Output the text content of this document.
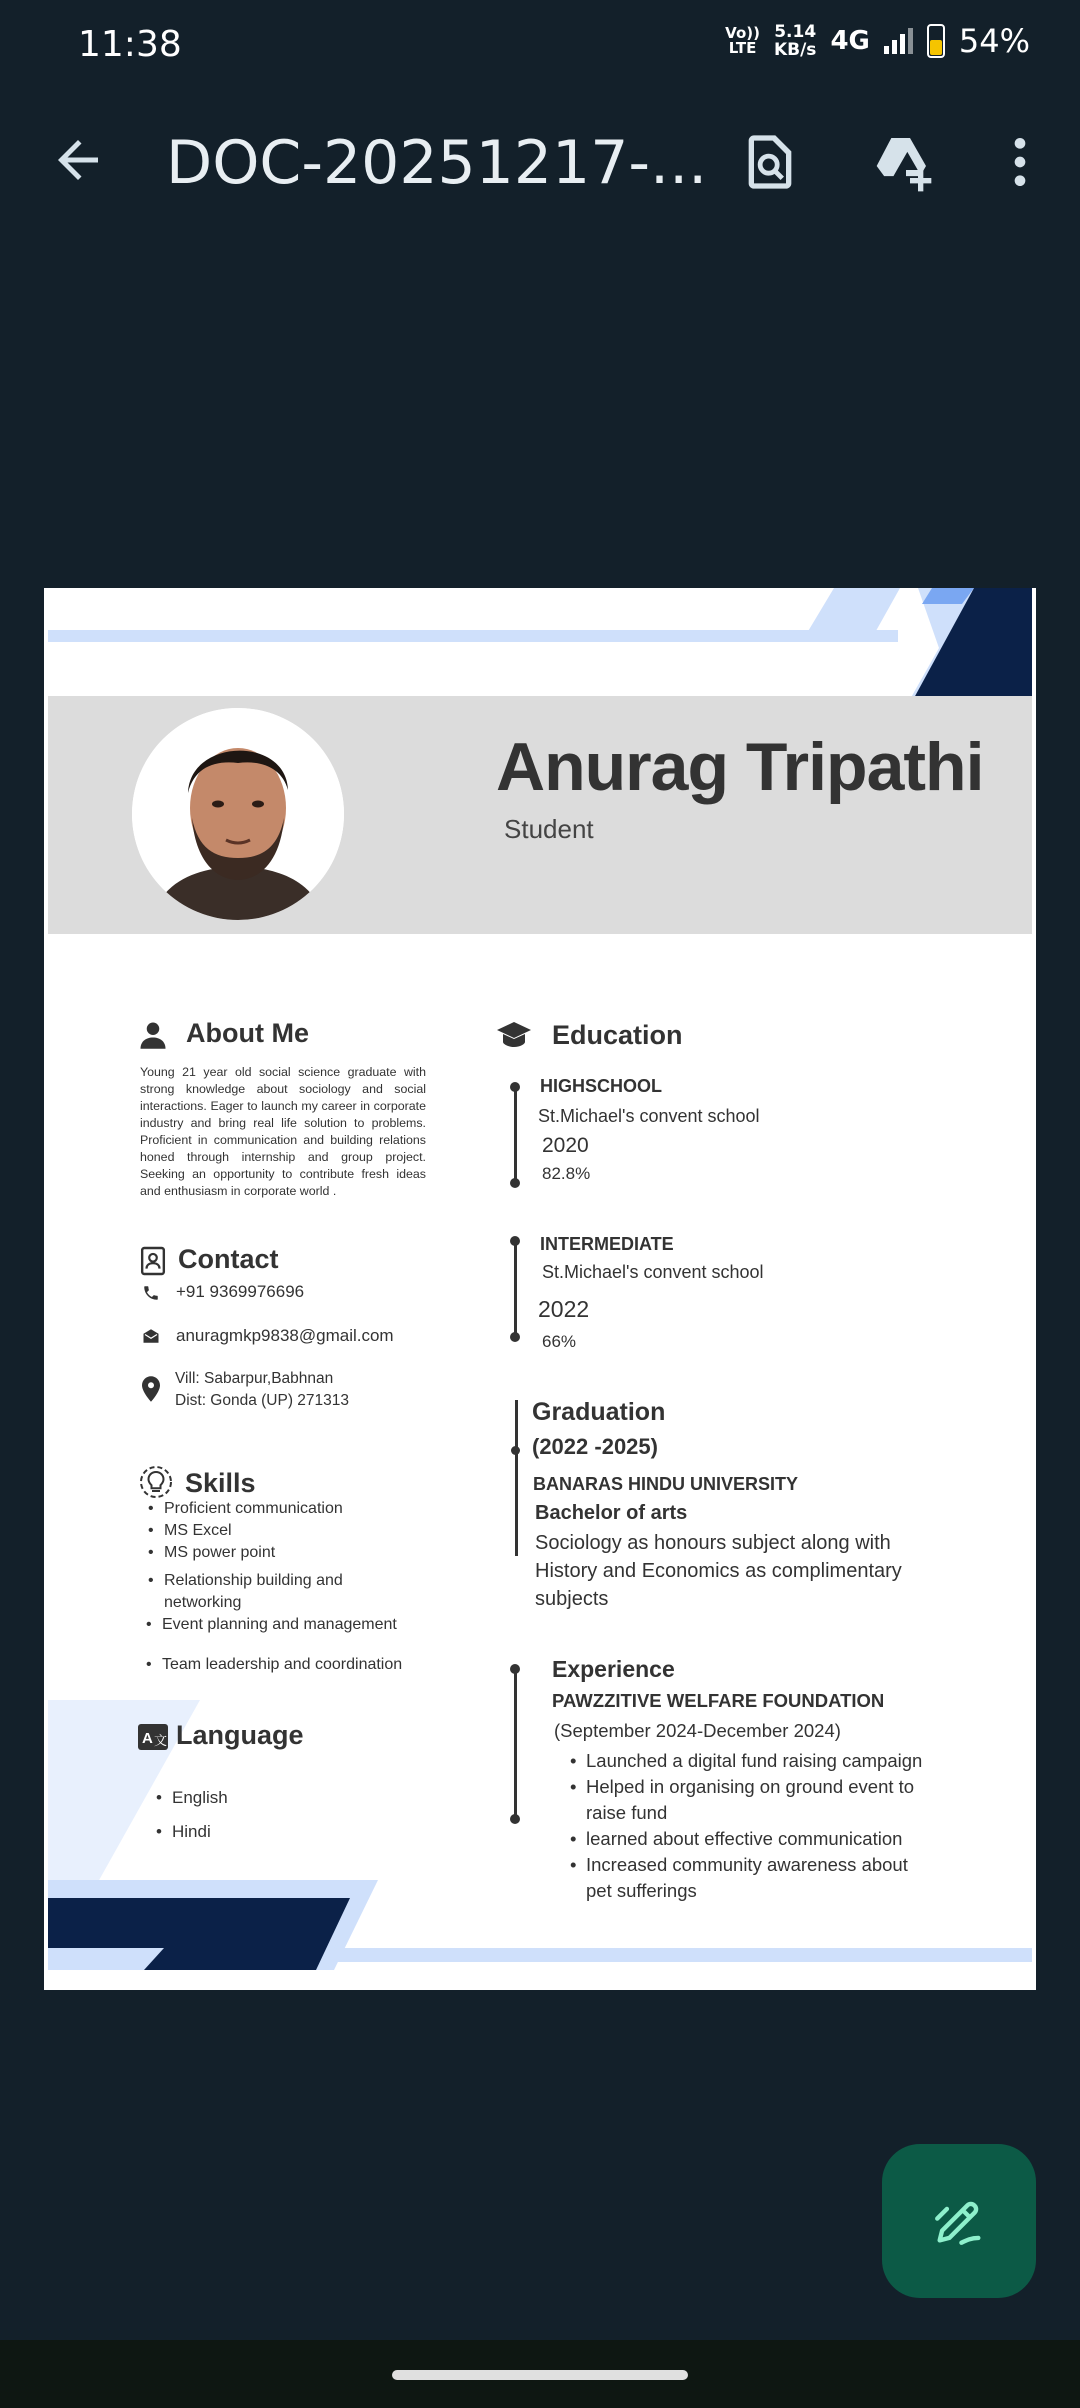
11:38	Vo))
LTE
5.14
KB/s 4G	54%
DOC-20251217-...
Anurag Tripathi
Student
About Me
Young 21 year old social science graduate with strong knowledge about sociology and social interactions. Eager to launch my career in corporate industry and bring real life solution to problems. Proficient in communication and building relations honed through internship and group project. Seeking an opportunity to contribute fresh ideas and enthusiasm in corporate world .
Contact
+91 9369976696
anuragmkp9838@gmail.com
Vill: Sabarpur,Babhnan
Dist: Gonda (UP) 271313
Skills
• Proficient communication
• MS Excel
• MS power point
• Relationship building and
networking
• Event planning and management
• Team leadership and coordination
A 文 Language
• English
• Hindi
Education
HIGHSCHOOL
St.Michael's convent school
2020
82.8%
INTERMEDIATE
St.Michael's convent school
2022
66%
Graduation
(2022 -2025)
BANARAS HINDU UNIVERSITY
Bachelor of arts
Sociology as honours subject along with
History and Economics as complimentary
subjects
Experience
PAWZZITIVE WELFARE FOUNDATION
(September 2024-December 2024)
• Launched a digital fund raising campaign
• Helped in organising on ground event to
raise fund
• learned about effective communication
• Increased community awareness about
pet sufferings
